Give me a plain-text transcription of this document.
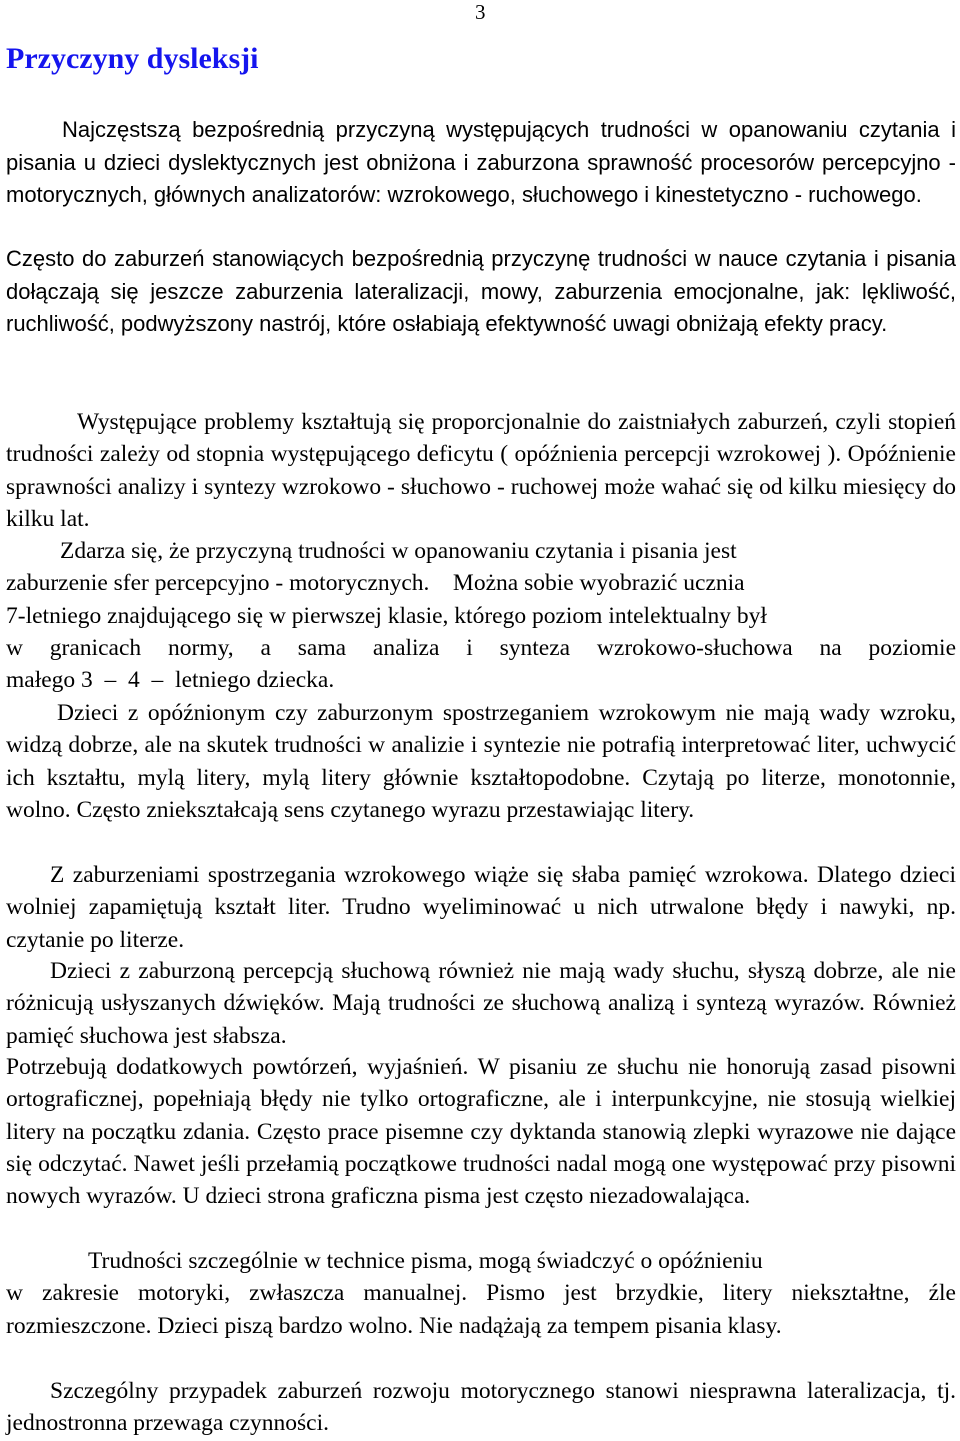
3
Przyczyny dysleksji

Najczęstszą bezpośrednią przyczyną występujących trudności w opanowaniu czytania i pisania u dzieci dyslektycznych jest obniżona i zaburzona sprawność procesorów percepcyjno - motorycznych, głównych analizatorów: wzrokowego, słuchowego i kinestetyczno - ruchowego.

Często do zaburzeń stanowiących bezpośrednią przyczynę trudności w nauce czytania i pisania dołączają się jeszcze zaburzenia lateralizacji, mowy, zaburzenia emocjonalne, jak: lękliwość, ruchliwość, podwyższony nastrój, które osłabiają efektywność uwagi obniżają efekty pracy.

Występujące problemy kształtują się proporcjonalnie do zaistniałych zaburzeń, czyli stopień trudności zależy od stopnia występującego deficytu ( opóźnienia percepcji wzrokowej ). Opóźnienie sprawności analizy i syntezy wzrokowo - słuchowo - ruchowej może wahać się od kilku miesięcy do kilku lat.

Zdarza się, że przyczyną trudności w opanowaniu czytania i pisania jest
zaburzenie sfer percepcyjno - motorycznych.    Można sobie wyobrazić ucznia
7-letniego znajdującego się w pierwszej klasie, którego poziom intelektualny był
w granicach normy, a sama analiza i synteza wzrokowo-słuchowa na poziomie
małego 3  –  4  –  letniego dziecka.

Dzieci z opóźnionym czy zaburzonym spostrzeganiem wzrokowym nie mają wady wzroku, widzą dobrze, ale na skutek trudności w analizie i syntezie nie potrafią interpretować liter, uchwycić ich kształtu, mylą litery, mylą litery głównie kształtopodobne. Czytają po literze, monotonnie, wolno. Często zniekształcają sens czytanego wyrazu przestawiając litery.

Z zaburzeniami spostrzegania wzrokowego wiąże się słaba pamięć wzrokowa. Dlatego dzieci wolniej zapamiętują kształt liter. Trudno wyeliminować u nich utrwalone błędy i nawyki, np. czytanie po literze.

Dzieci z zaburzoną percepcją słuchową również nie mają wady słuchu, słyszą dobrze, ale nie różnicują usłyszanych dźwięków. Mają trudności ze słuchową analizą i syntezą wyrazów. Również pamięć słuchowa jest słabsza.

Potrzebują dodatkowych powtórzeń, wyjaśnień. W pisaniu ze słuchu nie honorują zasad pisowni ortograficznej, popełniają błędy nie tylko ortograficzne, ale i interpunkcyjne, nie stosują wielkiej litery na początku zdania. Często prace pisemne czy dyktanda stanowią zlepki wyrazowe nie dające się odczytać. Nawet jeśli przełamią początkowe trudności nadal mogą one występować przy pisowni nowych wyrazów. U dzieci strona graficzna pisma jest często niezadowalająca.

Trudności szczególnie w technice pisma, mogą świadczyć o opóźnieniu
w zakresie motoryki, zwłaszcza manualnej. Pismo jest brzydkie, litery niekształtne, źle rozmieszczone. Dzieci piszą bardzo wolno. Nie nadążają za tempem pisania klasy.

Szczególny przypadek zaburzeń rozwoju motorycznego stanowi niesprawna lateralizacja, tj. jednostronna przewaga czynności.
